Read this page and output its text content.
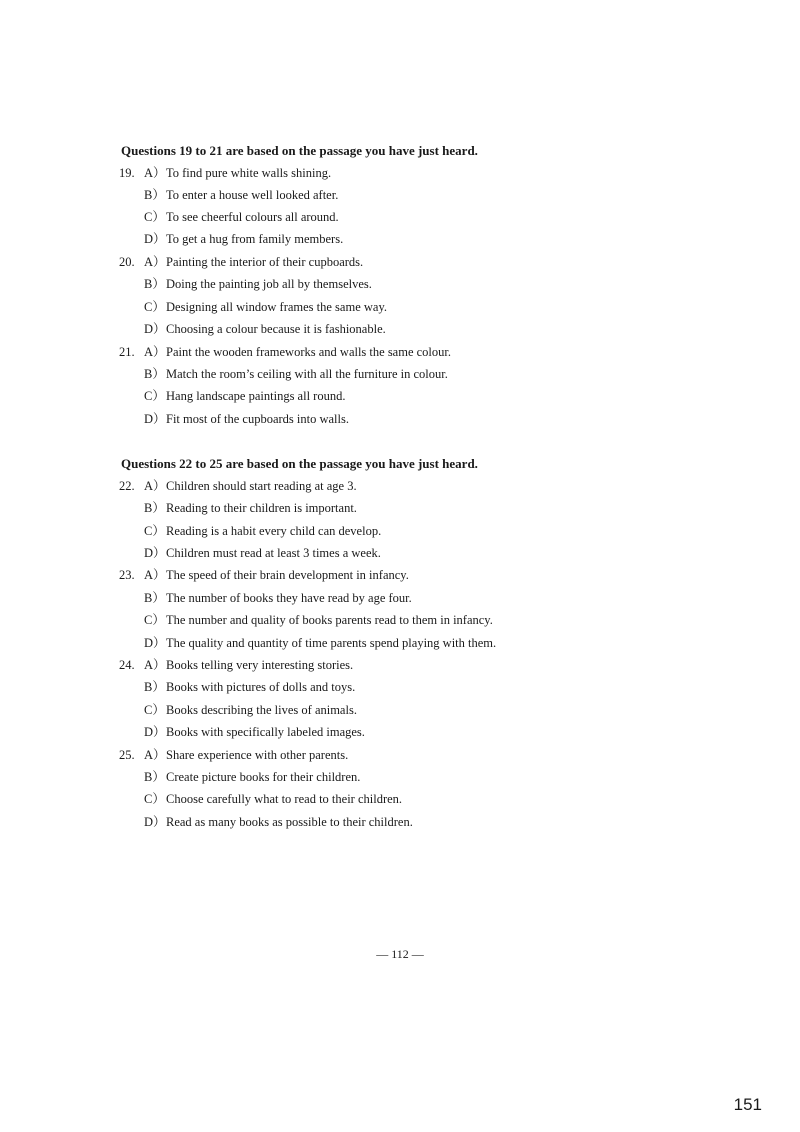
Questions 19 to 21 are based on the passage you have just heard.
19. A） To find pure white walls shining.
B） To enter a house well looked after.
C） To see cheerful colours all around.
D） To get a hug from family members.
20. A） Painting the interior of their cupboards.
B） Doing the painting job all by themselves.
C） Designing all window frames the same way.
D） Choosing a colour because it is fashionable.
21. A） Paint the wooden frameworks and walls the same colour.
B） Match the room’s ceiling with all the furniture in colour.
C） Hang landscape paintings all round.
D） Fit most of the cupboards into walls.
Questions 22 to 25 are based on the passage you have just heard.
22. A） Children should start reading at age 3.
B） Reading to their children is important.
C） Reading is a habit every child can develop.
D） Children must read at least 3 times a week.
23. A） The speed of their brain development in infancy.
B） The number of books they have read by age four.
C） The number and quality of books parents read to them in infancy.
D） The quality and quantity of time parents spend playing with them.
24. A） Books telling very interesting stories.
B） Books with pictures of dolls and toys.
C） Books describing the lives of animals.
D） Books with specifically labeled images.
25. A） Share experience with other parents.
B） Create picture books for their children.
C） Choose carefully what to read to their children.
D） Read as many books as possible to their children.
— 112 —
151
